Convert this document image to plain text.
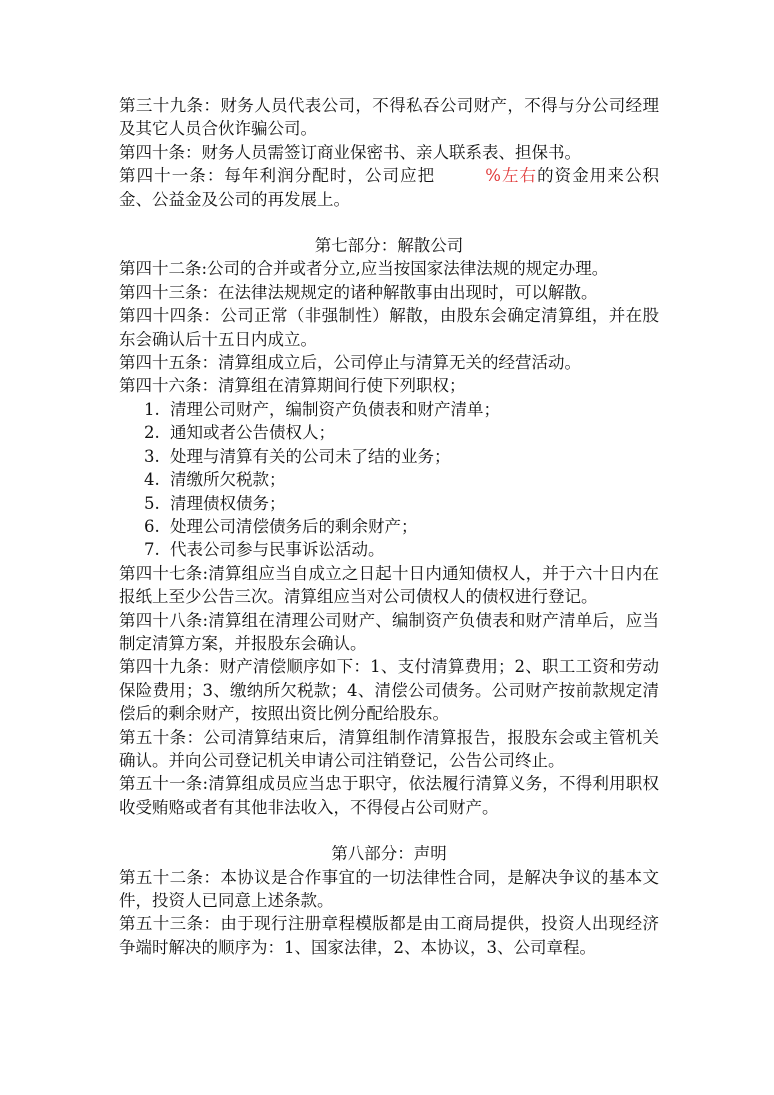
第三十九条：财务人员代表公司，不得私吞公司财产，不得与分公司经理及其它人员合伙诈骗公司。

第四十条：财务人员需签订商业保密书、亲人联系表、担保书。

第四十一条：每年利润分配时，公司应把	%左右的资金用来公积金、公益金及公司的再发展上。

第七部分：解散公司

第四十二条:公司的合并或者分立,应当按国家法律法规的规定办理。

第四十三条：在法律法规规定的诸种解散事由出现时，可以解散。

第四十四条：公司正常（非强制性）解散，由股东会确定清算组，并在股东会确认后十五日内成立。

第四十五条：清算组成立后，公司停止与清算无关的经营活动。

第四十六条：清算组在清算期间行使下列职权；

1. 清理公司财产，编制资产负债表和财产清单；
2. 通知或者公告债权人；
3. 处理与清算有关的公司未了结的业务；
4. 清缴所欠税款；
5. 清理债权债务；
6. 处理公司清偿债务后的剩余财产；
7. 代表公司参与民事诉讼活动。

第四十七条:清算组应当自成立之日起十日内通知债权人，并于六十日内在报纸上至少公告三次。清算组应当对公司债权人的债权进行登记。

第四十八条:清算组在清理公司财产、编制资产负债表和财产清单后，应当制定清算方案，并报股东会确认。

第四十九条：财产清偿顺序如下：1、支付清算费用；2、职工工资和劳动保险费用；3、缴纳所欠税款；4、清偿公司债务。公司财产按前款规定清偿后的剩余财产，按照出资比例分配给股东。

第五十条：公司清算结束后，清算组制作清算报告，报股东会或主管机关确认。并向公司登记机关申请公司注销登记，公告公司终止。

第五十一条:清算组成员应当忠于职守，依法履行清算义务，不得利用职权收受贿赂或者有其他非法收入，不得侵占公司财产。

第八部分：声明

第五十二条：本协议是合作事宜的一切法律性合同，是解决争议的基本文件，投资人已同意上述条款。

第五十三条：由于现行注册章程模版都是由工商局提供，投资人出现经济争端时解决的顺序为：1、国家法律，2、本协议，3、公司章程。
